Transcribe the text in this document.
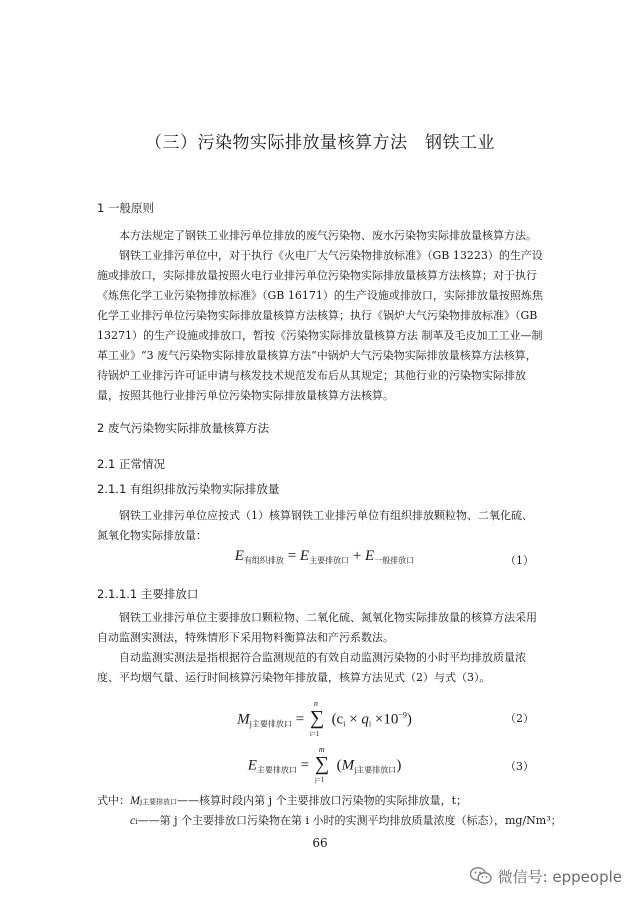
（三）污染物实际排放量核算方法　钢铁工业
1 一般原则
本方法规定了钢铁工业排污单位排放的废气污染物、废水污染物实际排放量核算方法。
钢铁工业排污单位中，对于执行《火电厂大气污染物排放标准》（GB 13223）的生产设
施或排放口，实际排放量按照火电行业排污单位污染物实际排放量核算方法核算；对于执行
《炼焦化学工业污染物排放标准》（GB 16171）的生产设施或排放口，实际排放量按照炼焦
化学工业排污单位污染物实际排放量核算方法核算；执行《锅炉大气污染物排放标准》（GB
13271）的生产设施或排放口，暂按《污染物实际排放量核算方法 制革及毛皮加工工业—制
革工业》“3 废气污染物实际排放量核算方法”中锅炉大气污染物实际排放量核算方法核算，
待锅炉工业排污许可证申请与核发技术规范发布后从其规定；其他行业的污染物实际排放
量，按照其他行业排污单位污染物实际排放量核算方法核算。
2 废气污染物实际排放量核算方法
2.1 正常情况
2.1.1 有组织排放污染物实际排放量
钢铁工业排污单位应按式（1）核算钢铁工业排污单位有组织排放颗粒物、二氧化硫、
氮氧化物实际排放量：
$E_{有组织排放} = E_{主要排放口} + E_{一般排放口}$	（1）
2.1.1.1 主要排放口
钢铁工业排污单位主要排放口颗粒物、二氧化硫、氮氧化物实际排放量的核算方法采用
自动监测实测法，特殊情形下采用物料衡算法和产污系数法。
自动监测实测法是指根据符合监测规范的有效自动监测污染物的小时平均排放质量浓
度、平均烟气量、运行时间核算污染物年排放量，核算方法见式（2）与式（3）。
$M_{j主要排放口}$ =
n
∑
i=1
$(c_i \times q_i \times 10^{-9})$	（2）
$E_{主要排放口}$ =
m
∑
j=1
$(M_{j主要排放口})$	（3）
式中：Mj主要排放口——核算时段内第 j 个主要排放口污染物的实际排放量，t；
ci——第 j 个主要排放口污染物在第 i 小时的实测平均排放质量浓度（标态），mg/Nm³；
66
微信号: eppeople
